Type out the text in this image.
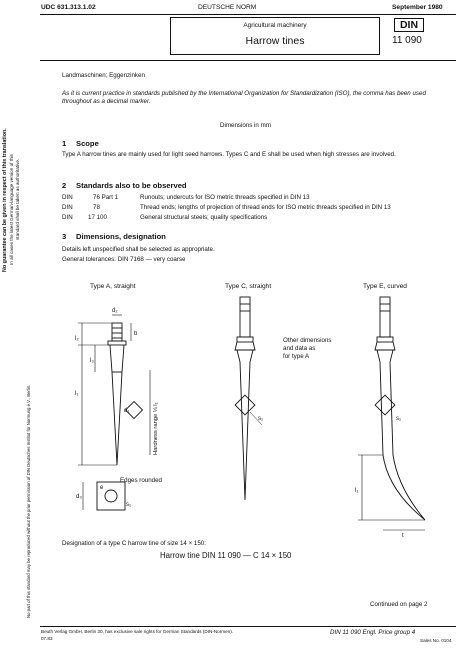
UDC 631.313.1.02	DEUTSCHE NORM	September 1980
Agricultural machinery
Harrow tines
DIN
11 090
No guarantee can be given in respect of this translation. In all cases the latest German-language version of this standard shall be taken as authoritative.
No part of this standard may be reproduced without the prior permission of DIN Deutsches Institut für Normung e.V., Berlin.
Landmaschinen; Eggenzinken
As it is current practice in standards published by the International Organization for Standardization (ISO), the comma has been used throughout as a decimal marker.
Dimensions in mm
1 Scope
Type A harrow tines are mainly used for light seed harrows. Types C and E shall be used when high stresses are involved.
2 Standards also to be observed
DIN	76 Part 1	Runouts; undercuts for ISO metric threads specified in DIN 13
DIN	78	Thread ends; lengths of projection of thread ends for ISO metric threads specified in DIN 13
DIN 17 100	General structural steels; quality specifications
3 Dimensions, designation
Details left unspecified shall be selected as appropriate.
General tolerances: DIN 7168 — very coarse
Type A, straight	Type C, straight	Type E, curved
Other dimensions
and data as
for type A
Edges rounded
d₂
l₂
l₃
b
l₁
d₁
d₃
e
s₁
Hardness range ⅓ l₁	s₁	s₁
l₁
t
Designation of a type C harrow tine of size 14 × 150:
Harrow tine DIN 11 090 — C 14 × 150
Continued on page 2
Beuth Verlag GmbH, Berlin 30, has exclusive sale rights for German Standards (DIN-Normen).
07.83
DIN 11 090 Engl. Price group 4
Sales No. 0104
